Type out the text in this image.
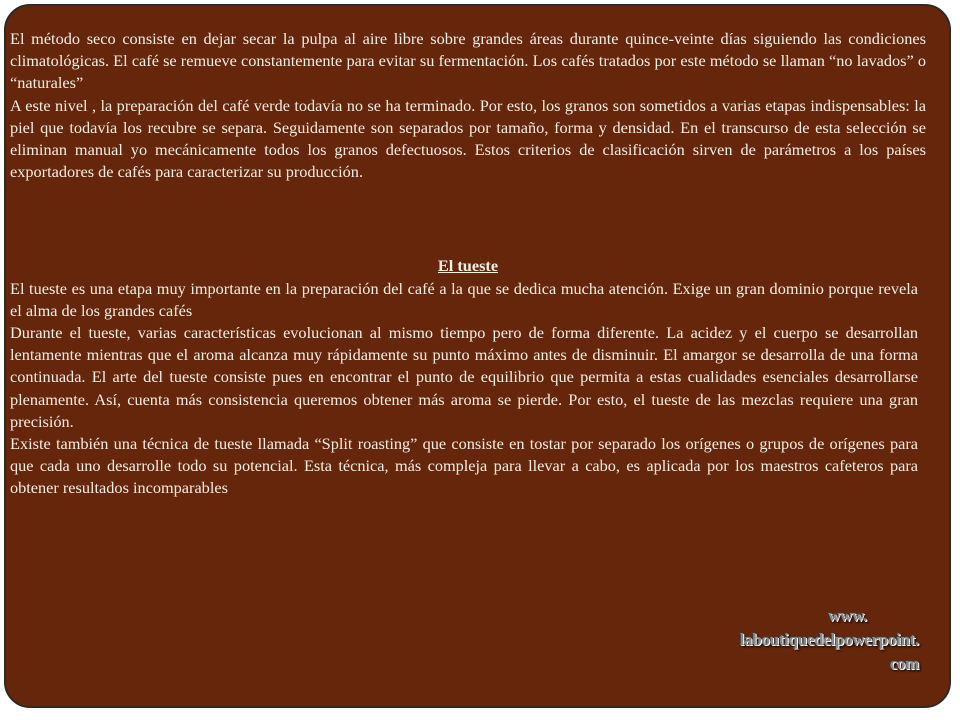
El método seco consiste en dejar secar la pulpa al aire libre sobre grandes áreas durante quince-veinte días siguiendo las condiciones climatológicas. El café se remueve constantemente para evitar su fermentación. Los cafés tratados por este método se llaman “no lavados” o “naturales”

A este nivel , la preparación del café verde todavía no se ha terminado. Por esto, los granos son sometidos a varias etapas indispensables: la piel que todavía los recubre se separa. Seguidamente son separados por tamaño, forma y densidad. En el transcurso de esta selección se eliminan manual yo mecánicamente todos los granos defectuosos. Estos criterios de clasificación sirven de parámetros a los países exportadores de cafés para caracterizar su producción.

El tueste

El tueste es una etapa muy importante en la preparación del café a la que se dedica mucha atención. Exige un gran dominio porque revela el alma de los grandes cafés

Durante el tueste, varias características evolucionan al mismo tiempo pero de forma diferente. La acidez y el cuerpo se desarrollan lentamente mientras que el aroma alcanza muy rápidamente su punto máximo antes de disminuir. El amargor se desarrolla de una forma continuada. El arte del tueste consiste pues en encontrar el punto de equilibrio que permita a estas cualidades esenciales desarrollarse plenamente. Así, cuenta más consistencia queremos obtener más aroma se pierde. Por esto, el tueste de las mezclas requiere una gran precisión.

Existe también una técnica de tueste llamada “Split roasting” que consiste en tostar por separado los orígenes o grupos de orígenes para que cada uno desarrolle todo su potencial. Esta técnica, más compleja para llevar a cabo, es aplicada por los maestros cafeteros para obtener resultados incomparables

www.
laboutiquedelpowerpoint.
com
